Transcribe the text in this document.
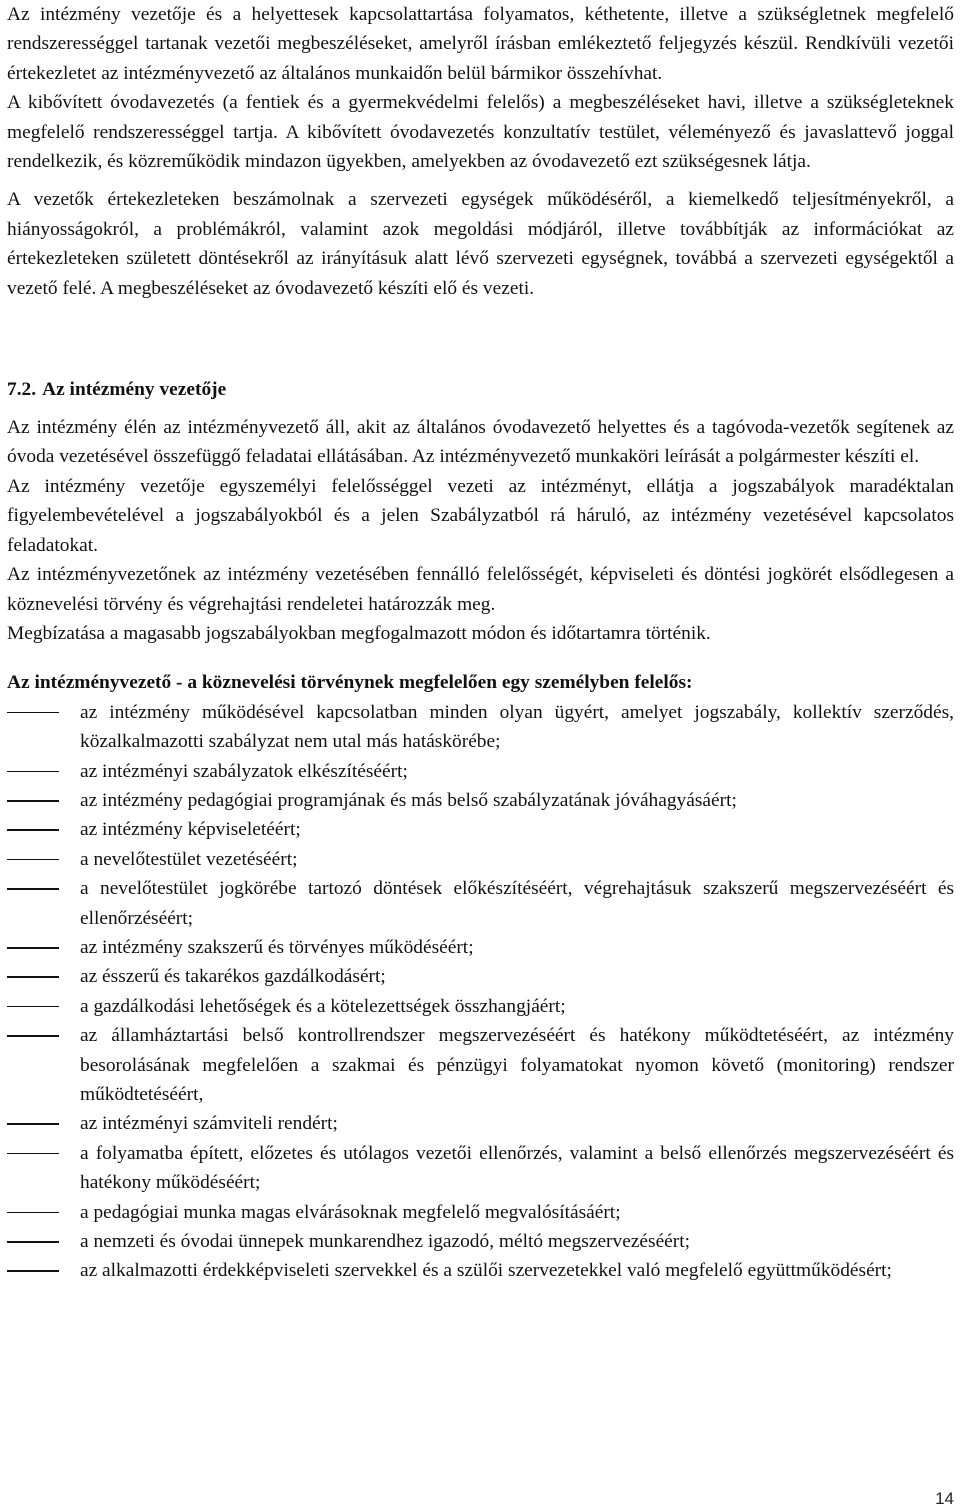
Az intézmény vezetője és a helyettesek kapcsolattartása folyamatos, kéthetente, illetve a szükségletnek megfelelő rendszerességgel tartanak vezetői megbeszéléseket, amelyről írásban emlékeztető feljegyzés készül. Rendkívüli vezetői értekezletet az intézményvezető az általános munkaidőn belül bármikor összehívhat.

A kibővített óvodavezetés (a fentiek és a gyermekvédelmi felelős) a megbeszéléseket havi, illetve a szükségleteknek megfelelő rendszerességgel tartja. A kibővített óvodavezetés konzultatív testület, véleményező és javaslattevő joggal rendelkezik, és közreműködik mindazon ügyekben, amelyekben az óvodavezető ezt szükségesnek látja.

A vezetők értekezleteken beszámolnak a szervezeti egységek működéséről, a kiemelkedő teljesítményekről, a hiányosságokról, a problémákról, valamint azok megoldási módjáról, illetve továbbítják az információkat az értekezleteken született döntésekről az irányításuk alatt lévő szervezeti egységnek, továbbá a szervezeti egységektől a vezető felé. A megbeszéléseket az óvodavezető készíti elő és vezeti.

7.2. Az intézmény vezetője

Az intézmény élén az intézményvezető áll, akit az általános óvodavezető helyettes és a tagóvoda-vezetők segítenek az óvoda vezetésével összefüggő feladatai ellátásában. Az intézményvezető munkaköri leírását a polgármester készíti el.

Az intézmény vezetője egyszemélyi felelősséggel vezeti az intézményt, ellátja a jogszabályok maradéktalan figyelembevételével a jogszabályokból és a jelen Szabályzatból rá háruló, az intézmény vezetésével kapcsolatos feladatokat.

Az intézményvezetőnek az intézmény vezetésében fennálló felelősségét, képviseleti és döntési jogkörét elsődlegesen a köznevelési törvény és végrehajtási rendeletei határozzák meg.

Megbízatása a magasabb jogszabályokban megfogalmazott módon és időtartamra történik.

Az intézményvezető - a köznevelési törvénynek megfelelően egy személyben felelős:

az intézmény működésével kapcsolatban minden olyan ügyért, amelyet jogszabály, kollektív szerződés, közalkalmazotti szabályzat nem utal más hatáskörébe;
az intézményi szabályzatok elkészítéséért;
az intézmény pedagógiai programjának és más belső szabályzatának jóváhagyásáért;
az intézmény képviseletéért;
a nevelőtestület vezetéséért;
a nevelőtestület jogkörébe tartozó döntések előkészítéséért, végrehajtásuk szakszerű megszervezéséért és ellenőrzéséért;
az intézmény szakszerű és törvényes működéséért;
az ésszerű és takarékos gazdálkodásért;
a gazdálkodási lehetőségek és a kötelezettségek összhangjáért;
az államháztartási belső kontrollrendszer megszervezéséért és hatékony működtetéséért, az intézmény besorolásának megfelelően a szakmai és pénzügyi folyamatokat nyomon követő (monitoring) rendszer működtetéséért,
az intézményi számviteli rendért;
a folyamatba épített, előzetes és utólagos vezetői ellenőrzés, valamint a belső ellenőrzés megszervezéséért és hatékony működéséért;
a pedagógiai munka magas elvárásoknak megfelelő megvalósításáért;
a nemzeti és óvodai ünnepek munkarendhez igazodó, méltó megszervezéséért;
az alkalmazotti érdekképviseleti szervekkel és a szülői szervezetekkel való megfelelő együttműködésért;
14
